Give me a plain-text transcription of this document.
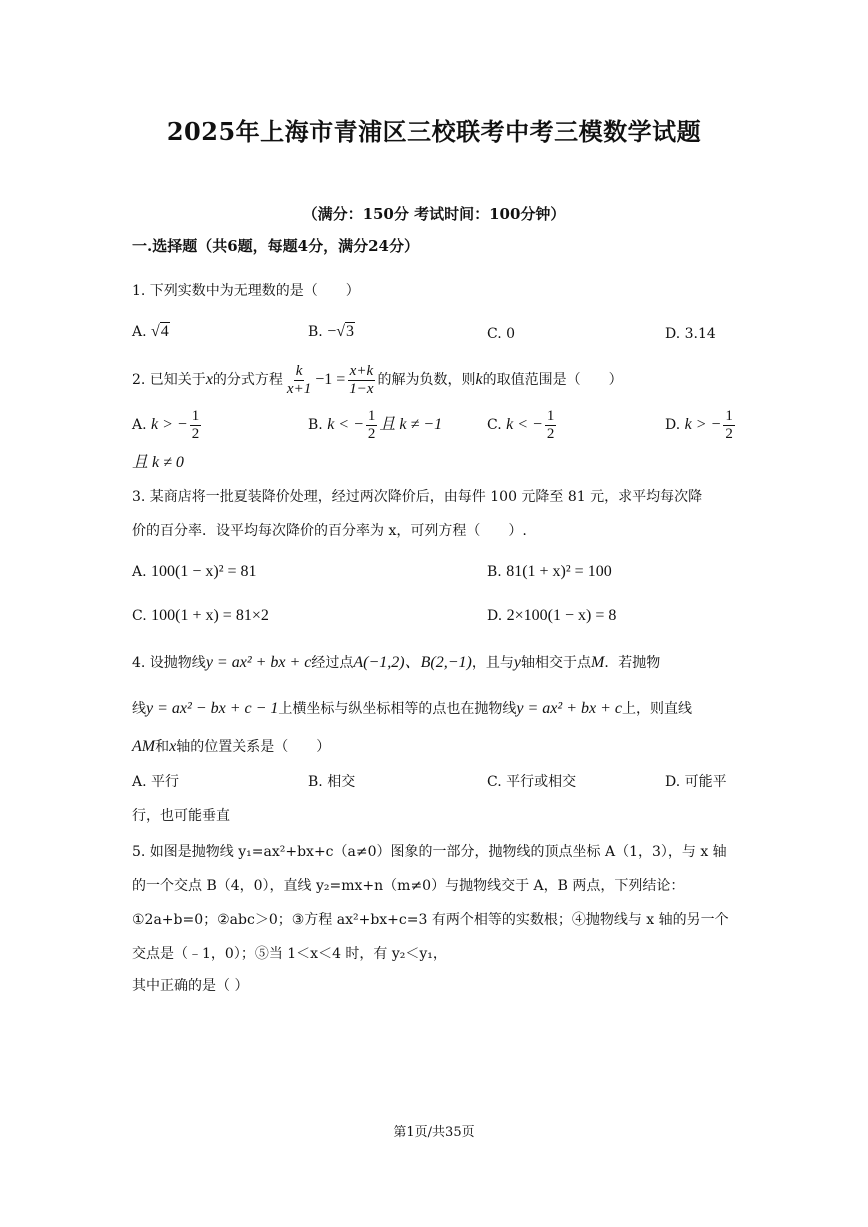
2025年上海市青浦区三校联考中考三模数学试题
（满分：150分 考试时间：100分钟）
一.选择题（共6题，每题4分，满分24分）
1. 下列实数中为无理数的是（　　）
A. √4	B. −√3	C. 0	D. 3.14
2. 已知关于x的分式方程 $\frac{k}{x+1} -1 = \frac{x+k}{1-x}$ 的解为负数，则k的取值范围是（　　）
A. k > − $\frac{1}{2}$	B. k < − $\frac{1}{2}$ 且 k ≠ −1	C. k < − $\frac{1}{2}$	D. k > − $\frac{1}{2}$
且 k ≠ 0
3. 某商店将一批夏装降价处理，经过两次降价后，由每件 100 元降至 81 元，求平均每次降
价的百分率．设平均每次降价的百分率为 x，可列方程（　　）.
A. 100(1 − x)² = 81	B. 81(1 + x)² = 100
C. 100(1 + x) = 81×2	D. 2×100(1 − x) = 8
4. 设抛物线y = ax² + bx + c经过点A(−1,2)、B(2,−1)，且与y轴相交于点M．若抛物
线y = ax² − bx + c − 1上横坐标与纵坐标相等的点也在抛物线y = ax² + bx + c上，则直线
AM和x轴的位置关系是（　　）
A. 平行	B. 相交	C. 平行或相交	D. 可能平
行，也可能垂直
5. 如图是抛物线 y₁=ax²+bx+c（a≠0）图象的一部分，抛物线的顶点坐标 A（1，3），与 x 轴
的一个交点 B（4，0），直线 y₂=mx+n（m≠0）与抛物线交于 A，B 两点，下列结论：
①2a+b=0；②abc＞0；③方程 ax²+bx+c=3 有两个相等的实数根；④抛物线与 x 轴的另一个
交点是（﹣1，0）；⑤当 1＜x＜4 时，有 y₂＜y₁，
其中正确的是（ ）
第1页/共35页
